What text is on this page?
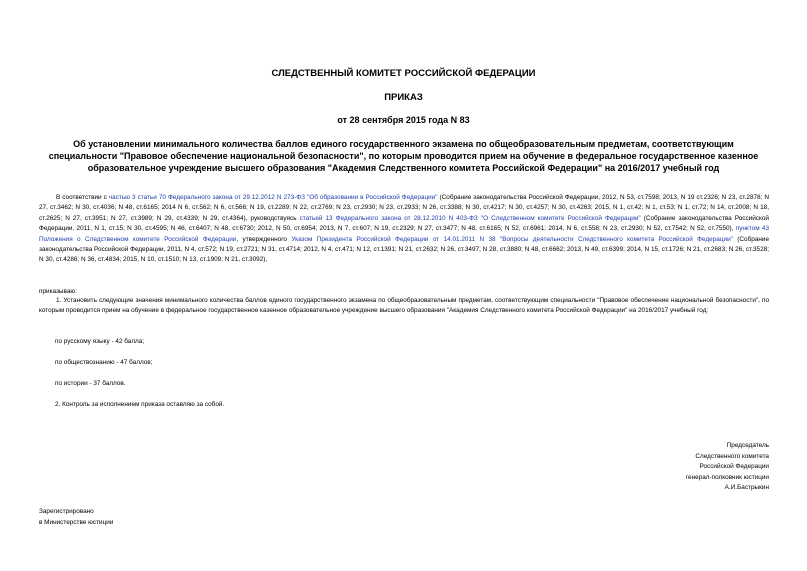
СЛЕДСТВЕННЫЙ КОМИТЕТ РОССИЙСКОЙ ФЕДЕРАЦИИ
ПРИКАЗ
от 28 сентября 2015 года N 83
Об установлении минимального количества баллов единого государственного экзамена по общеобразовательным предметам, соответствующим специальности "Правовое обеспечение национальной безопасности", по которым проводится прием на обучение в федеральное государственное казенное образовательное учреждение высшего образования "Академия Следственного комитета Российской Федерации" на 2016/2017 учебный год
В соответствии с частью 3 статьи 70 Федерального закона от 29.12.2012 N 273-ФЗ "Об образовании в Российской Федерации" (Собрание законодательства Российской Федерации, 2012, N 53, ст.7598; 2013, N 19 ст.2326; N 23, ст.2878; N 27, ст.3462; N 30, ст.4036; N 48, ст.6165; 2014 N 6, ст.562; N 6, ст.566; N 19, ст.2289; N 22, ст.2769; N 23, ст.2930; N 23, ст.2933; N 26, ст.3388; N 30, ст.4217; N 30, ст.4257; N 30, ст.4263; 2015, N 1, ст.42; N 1, ст.53; N 1, ст.72; N 14, ст.2008; N 18, ст.2625; N 27, ст.3951; N 27, ст.3989; N 29, ст.4339; N 29, ст.4364), руководствуясь статьей 13 Федерального закона от 28.12.2010 N 403-ФЗ "О Следственном комитете Российской Федерации" (Собрание законодательства Российской Федерации, 2011, N 1, ст.15; N 30, ст.4595; N 46, ст.6407; N 48, ст.6730; 2012, N 50, ст.6954; 2013, N 7, ст.607; N 19, ст.2329; N 27, ст.3477; N 48, ст.6165; N 52, ст.6961; 2014, N 6, ст.558; N 23, ст.2930; N 52, ст.7542; N 52, ст.7550), пунктом 43 Положения о Следственном комитете Российской Федерации, утвержденного Указом Президента Российской Федерации от 14.01.2011 N 38 "Вопросы деятельности Следственного комитета Российской Федерации" (Собрание законодательства Российской Федерации, 2011, N 4, ст.572; N 19, ст.2721; N 31, ст.4714; 2012, N 4, ст.471; N 12, ст.1391; N 21, ст.2632; N 26, ст.3497; N 28, ст.3880; N 48, ст.6662; 2013, N 49, ст.6399; 2014, N 15, ст.1726; N 21, ст.2683; N 26, ст.3528; N 30, ст.4286; N 36, ст.4834; 2015, N 10, ст.1510; N 13, ст.1909; N 21, ст.3092),
приказываю:
1. Установить следующие значения минимального количества баллов единого государственного экзамена по общеобразовательным предметам, соответствующим специальности "Правовое обеспечение национальной безопасности", по которым проводится прием на обучение в федеральное государственное казенное образовательное учреждение высшего образования "Академия Следственного комитета Российской Федерации" на 2016/2017 учебный год:
по русскому языку - 42 балла;
по обществознанию - 47 баллов;
по истории - 37 баллов.
2. Контроль за исполнением приказа оставляю за собой.
Председатель
Следственного комитета
Российской Федерации
генерал-полковник юстиции
А.И.Бастрыкин
Зарегистрировано
в Министерстве юстиции
